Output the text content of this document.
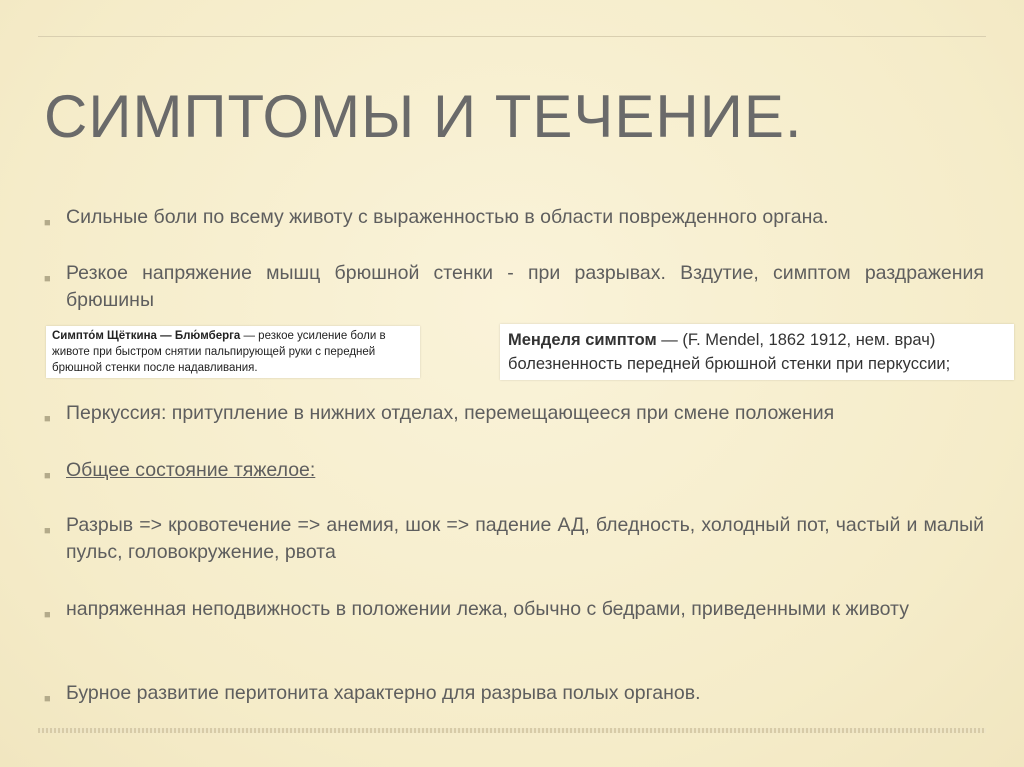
СИМПТОМЫ И ТЕЧЕНИЕ.
■ Сильные боли по всему животу с выраженностью в области поврежденного органа.
■ Резкое напряжение мышц брюшной стенки - при разрывах. Вздутие, симптом раздражения брюшины
Симпто́м Щёткина — Блю́мберга — резкое усиление боли в животе при быстром снятии пальпирующей руки с передней брюшной стенки после надавливания.
Менделя симптом — (F. Mendel, 1862 1912, нем. врач)
болезненность передней брюшной стенки при перкуссии;
■ Перкуссия: притупление в нижних отделах, перемещающееся при смене положения
■ Общее состояние тяжелое:
■ Разрыв => кровотечение => анемия, шок => падение АД, бледность, холодный пот, частый и малый пульс, головокружение, рвота
■ напряженная неподвижность в положении лежа, обычно с бедрами, приведенными к животу
■ Бурное развитие перитонита характерно для разрыва полых органов.
